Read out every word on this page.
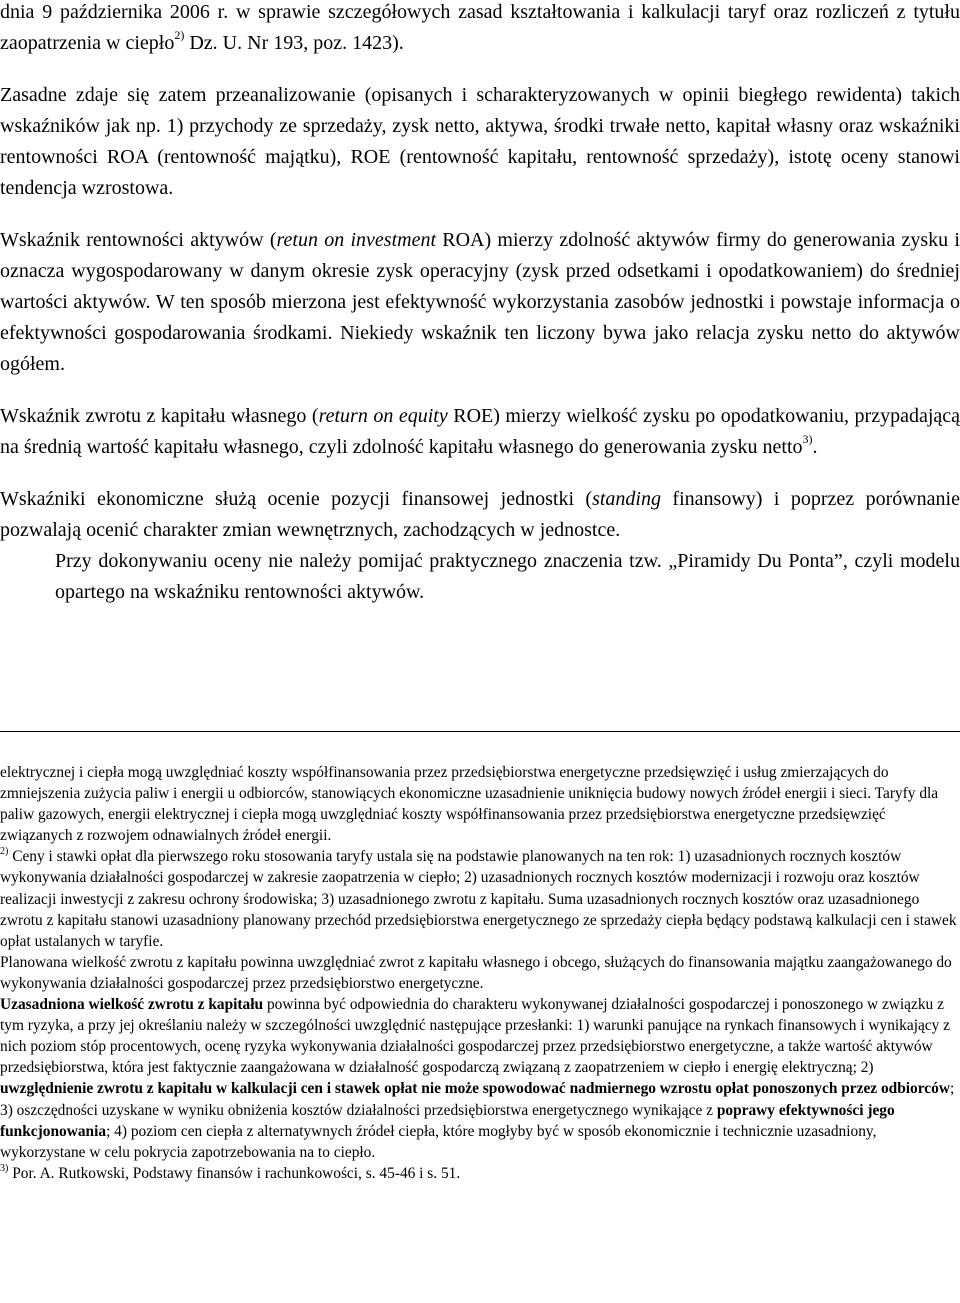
dnia 9 października 2006 r. w sprawie szczegółowych zasad kształtowania i kalkulacji taryf oraz rozliczeń z tytułu zaopatrzenia w ciepło$^{2)}$ Dz. U. Nr 193, poz. 1423).

Zasadne zdaje się zatem przeanalizowanie (opisanych i scharakteryzowanych w opinii biegłego rewidenta) takich wskaźników jak np. 1) przychody ze sprzedaży, zysk netto, aktywa, środki trwałe netto, kapitał własny oraz wskaźniki rentowności ROA (rentowność majątku), ROE (rentowność kapitału, rentowność sprzedaży), istotę oceny stanowi tendencja wzrostowa.

Wskaźnik rentowności aktywów (retun on investment ROA) mierzy zdolność aktywów firmy do generowania zysku i oznacza wygospodarowany w danym okresie zysk operacyjny (zysk przed odsetkami i opodatkowaniem) do średniej wartości aktywów. W ten sposób mierzona jest efektywność wykorzystania zasobów jednostki i powstaje informacja o efektywności gospodarowania środkami. Niekiedy wskaźnik ten liczony bywa jako relacja zysku netto do aktywów ogółem.

Wskaźnik zwrotu z kapitału własnego (return on equity ROE) mierzy wielkość zysku po opodatkowaniu, przypadającą na średnią wartość kapitału własnego, czyli zdolność kapitału własnego do generowania zysku netto$^{3)}$.

Wskaźniki ekonomiczne służą ocenie pozycji finansowej jednostki (standing finansowy) i poprzez porównanie pozwalają ocenić charakter zmian wewnętrznych, zachodzących w jednostce.

Przy dokonywaniu oceny nie należy pomijać praktycznego znaczenia tzw. „Piramidy Du Ponta”, czyli modelu opartego na wskaźniku rentowności aktywów.

elektrycznej i ciepła mogą uwzględniać koszty współfinansowania przez przedsiębiorstwa energetyczne przedsięwzięć i usług zmierzających do zmniejszenia zużycia paliw i energii u odbiorców, stanowiących ekonomiczne uzasadnienie uniknięcia budowy nowych źródeł energii i sieci. Taryfy dla paliw gazowych, energii elektrycznej i ciepła mogą uwzględniać koszty współfinansowania przez przedsiębiorstwa energetyczne przedsięwzięć związanych z rozwojem odnawialnych źródeł energii.

$^{2)}$ Ceny i stawki opłat dla pierwszego roku stosowania taryfy ustala się na podstawie planowanych na ten rok: 1) uzasadnionych rocznych kosztów wykonywania działalności gospodarczej w zakresie zaopatrzenia w ciepło; 2) uzasadnionych rocznych kosztów modernizacji i rozwoju oraz kosztów realizacji inwestycji z zakresu ochrony środowiska; 3) uzasadnionego zwrotu z kapitału. Suma uzasadnionych rocznych kosztów oraz uzasadnionego zwrotu z kapitału stanowi uzasadniony planowany przechód przedsiębiorstwa energetycznego ze sprzedaży ciepła będący podstawą kalkulacji cen i stawek opłat ustalanych w taryfie.

Planowana wielkość zwrotu z kapitału powinna uwzględniać zwrot z kapitału własnego i obcego, służących do finansowania majątku zaangażowanego do wykonywania działalności gospodarczej przez przedsiębiorstwo energetyczne.

Uzasadniona wielkość zwrotu z kapitału powinna być odpowiednia do charakteru wykonywanej działalności gospodarczej i ponoszonego w związku z tym ryzyka, a przy jej określaniu należy w szczególności uwzględnić następujące przesłanki: 1) warunki panujące na rynkach finansowych i wynikający z nich poziom stóp procentowych, ocenę ryzyka wykonywania działalności gospodarczej przez przedsiębiorstwo energetyczne, a także wartość aktywów przedsiębiorstwa, która jest faktycznie zaangażowana w działalność gospodarczą związaną z zaopatrzeniem w ciepło i energię elektryczną; 2) uwzględnienie zwrotu z kapitału w kalkulacji cen i stawek opłat nie może spowodować nadmiernego wzrostu opłat ponoszonych przez odbiorców; 3) oszczędności uzyskane w wyniku obniżenia kosztów działalności przedsiębiorstwa energetycznego wynikające z poprawy efektywności jego funkcjonowania; 4) poziom cen ciepła z alternatywnych źródeł ciepła, które mogłyby być w sposób ekonomicznie i technicznie uzasadniony, wykorzystane w celu pokrycia zapotrzebowania na to ciepło.

$^{3)}$ Por. A. Rutkowski, Podstawy finansów i rachunkowości, s. 45-46 i s. 51.
